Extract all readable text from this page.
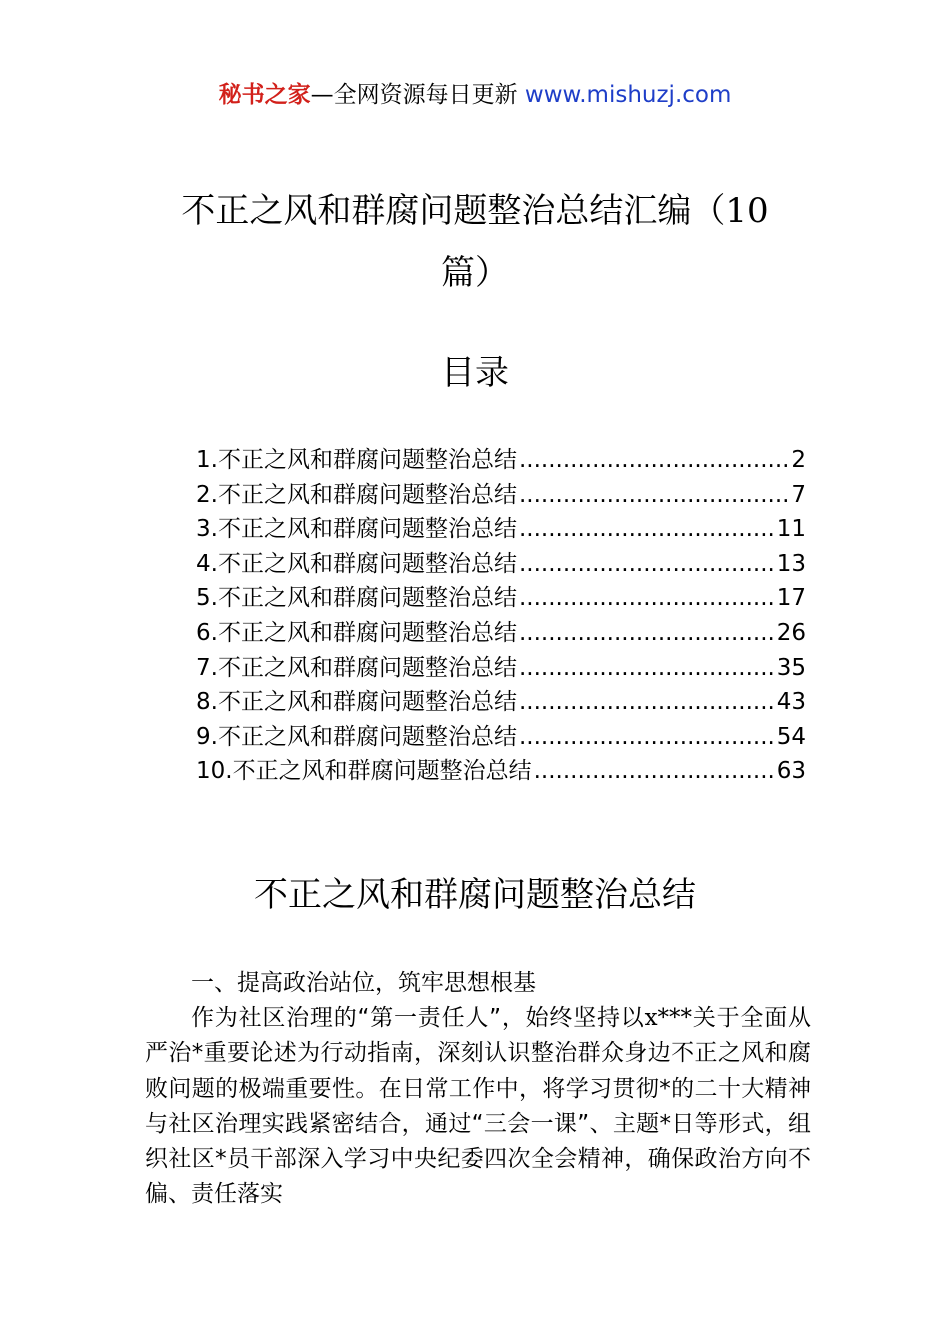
秘书之家—全网资源每日更新 www.mishuzj.com
不正之风和群腐问题整治总结汇编（10
篇）
目录
1.不正之风和群腐问题整治总结 .....	2
2.不正之风和群腐问题整治总结 .....	7
3.不正之风和群腐问题整治总结 .....	11
4.不正之风和群腐问题整治总结 .....	13
5.不正之风和群腐问题整治总结 .....	17
6.不正之风和群腐问题整治总结 .....	26
7.不正之风和群腐问题整治总结 .....	35
8.不正之风和群腐问题整治总结 .....	43
9.不正之风和群腐问题整治总结 .....	54
10.不正之风和群腐问题整治总结 .....	63
不正之风和群腐问题整治总结

一、提高政治站位，筑牢思想根基

作为社区治理的“第一责任人”，始终坚持以x***关于全面从严治*重要论述为行动指南，深刻认识整治群众身边不正之风和腐败问题的极端重要性。在日常工作中，将学习贯彻*的二十大精神与社区治理实践紧密结合，通过“三会一课”、主题*日等形式，组织社区*员干部深入学习中央纪委四次全会精神，确保政治方向不偏、责任落实
